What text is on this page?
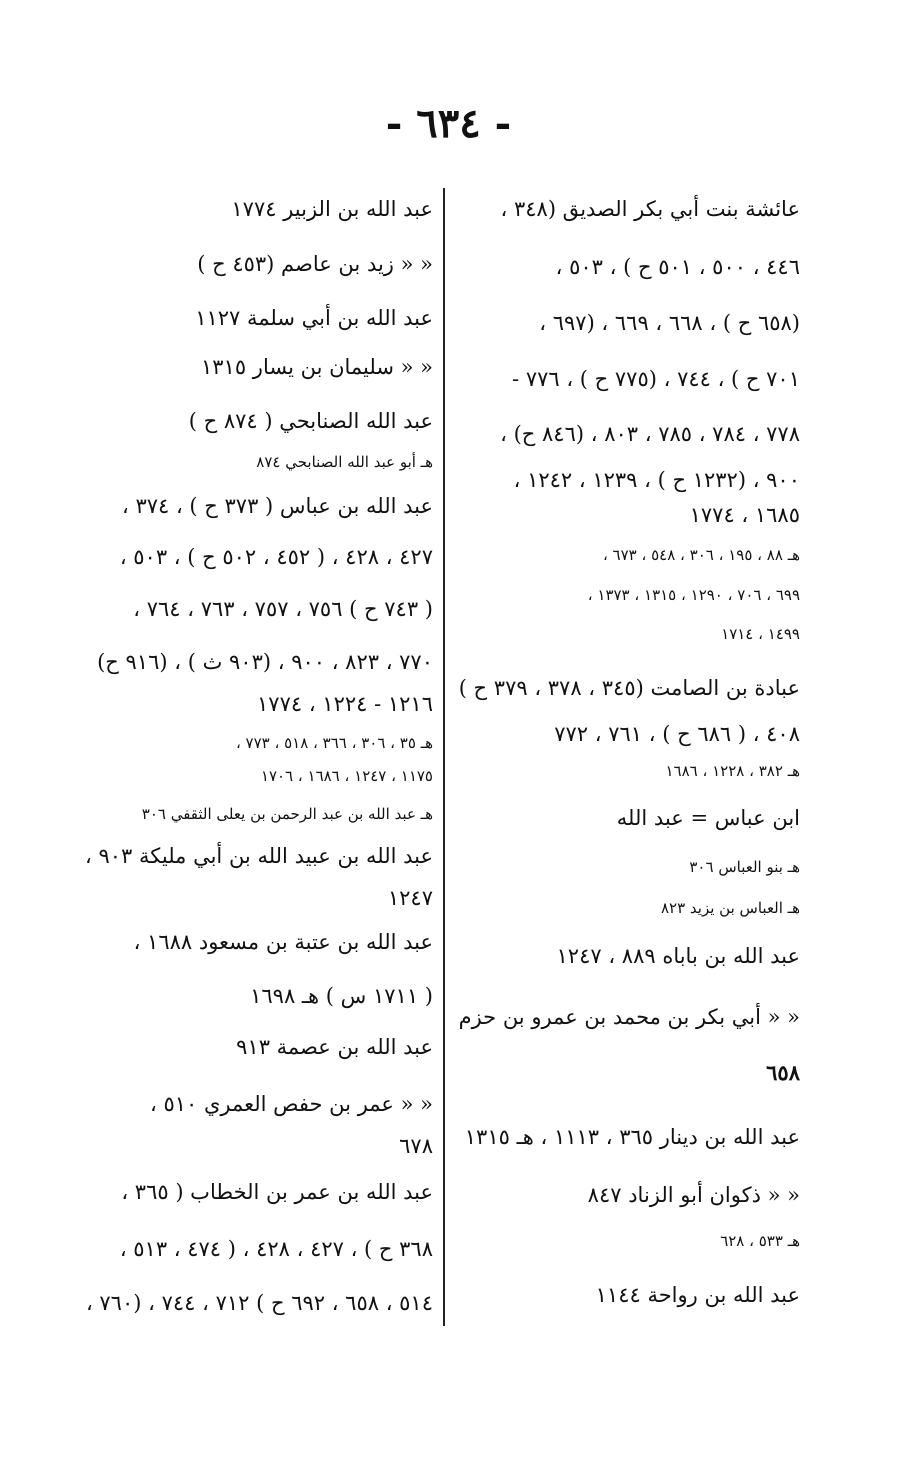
- ٦٣٤ -
عائشة بنت أبي بكر الصديق (٣٤٨ ،
٤٤٦ ، ٥٠٠ ، ٥٠١ ح ) ، ٥٠٣ ،
(٦٥٨ ح ) ، ٦٦٨ ، ٦٦٩ ، (٦٩٧ ،
٧٠١ ح ) ، ٧٤٤ ، (٧٧٥ ح ) ، ٧٧٦ -
٧٧٨ ، ٧٨٤ ، ٧٨٥ ، ٨٠٣ ، (٨٤٦ ح) ،
٩٠٠ ، (١٢٣٢ ح ) ، ١٢٣٩ ، ١٢٤٢ ،
١٦٨٥ ، ١٧٧٤
هـ ٨٨ ، ١٩٥ ، ٣٠٦ ، ٥٤٨ ، ٦٧٣ ،
٦٩٩ ، ٧٠٦ ، ١٢٩٠ ، ١٣١٥ ، ١٣٧٣ ،
١٤٩٩ ، ١٧١٤
عبادة بن الصامت (٣٤٥ ، ٣٧٨ ، ٣٧٩ ح )
٤٠٨ ، ( ٦٨٦ ح ) ، ٧٦١ ، ٧٧٢
هـ ٣٨٢ ، ١٢٢٨ ، ١٦٨٦
ابن عباس = عبد الله
هـ بنو العباس ٣٠٦
هـ العباس بن يزيد ٨٢٣
عبد الله بن باباه ٨٨٩ ، ١٢٤٧
« « أبي بكر بن محمد بن عمرو بن حزم
٦٥٨
عبد الله بن دينار ٣٦٥ ، ١١١٣ ، هـ ١٣١٥
« « ذكوان أبو الزناد ٨٤٧
هـ ٥٣٣ ، ٦٢٨
عبد الله بن رواحة ١١٤٤
عبد الله بن الزبير ١٧٧٤
« « زيد بن عاصم (٤٥٣ ح )
عبد الله بن أبي سلمة ١١٢٧
« « سليمان بن يسار ١٣١٥
عبد الله الصنابحي ( ٨٧٤ ح )
هـ أبو عبد الله الصنابحي ٨٧٤
عبد الله بن عباس ( ٣٧٣ ح ) ، ٣٧٤ ،
٤٢٧ ، ٤٢٨ ، ( ٤٥٢ ، ٥٠٢ ح ) ، ٥٠٣ ،
( ٧٤٣ ح ) ٧٥٦ ، ٧٥٧ ، ٧٦٣ ، ٧٦٤ ،
٧٧٠ ، ٨٢٣ ، ٩٠٠ ، (٩٠٣ ث ) ، (٩١٦ ح)
١٢١٦ - ١٢٢٤ ، ١٧٧٤
هـ ٣٥ ، ٣٠٦ ، ٣٦٦ ، ٥١٨ ، ٧٧٣ ،
١١٧٥ ، ١٢٤٧ ، ١٦٨٦ ، ١٧٠٦
هـ عبد الله بن عبد الرحمن بن يعلى الثقفي ٣٠٦
عبد الله بن عبيد الله بن أبي مليكة ٩٠٣ ،
١٢٤٧
عبد الله بن عتبة بن مسعود ١٦٨٨ ،
( ١٧١١ س ) هـ ١٦٩٨
عبد الله بن عصمة ٩١٣
« « عمر بن حفص العمري ٥١٠ ،
٦٧٨
عبد الله بن عمر بن الخطاب ( ٣٦٥ ،
٣٦٨ ح ) ، ٤٢٧ ، ٤٢٨ ، ( ٤٧٤ ، ٥١٣ ،
٥١٤ ، ٦٥٨ ، ٦٩٢ ح ) ٧١٢ ، ٧٤٤ ، (٧٦٠ ،
